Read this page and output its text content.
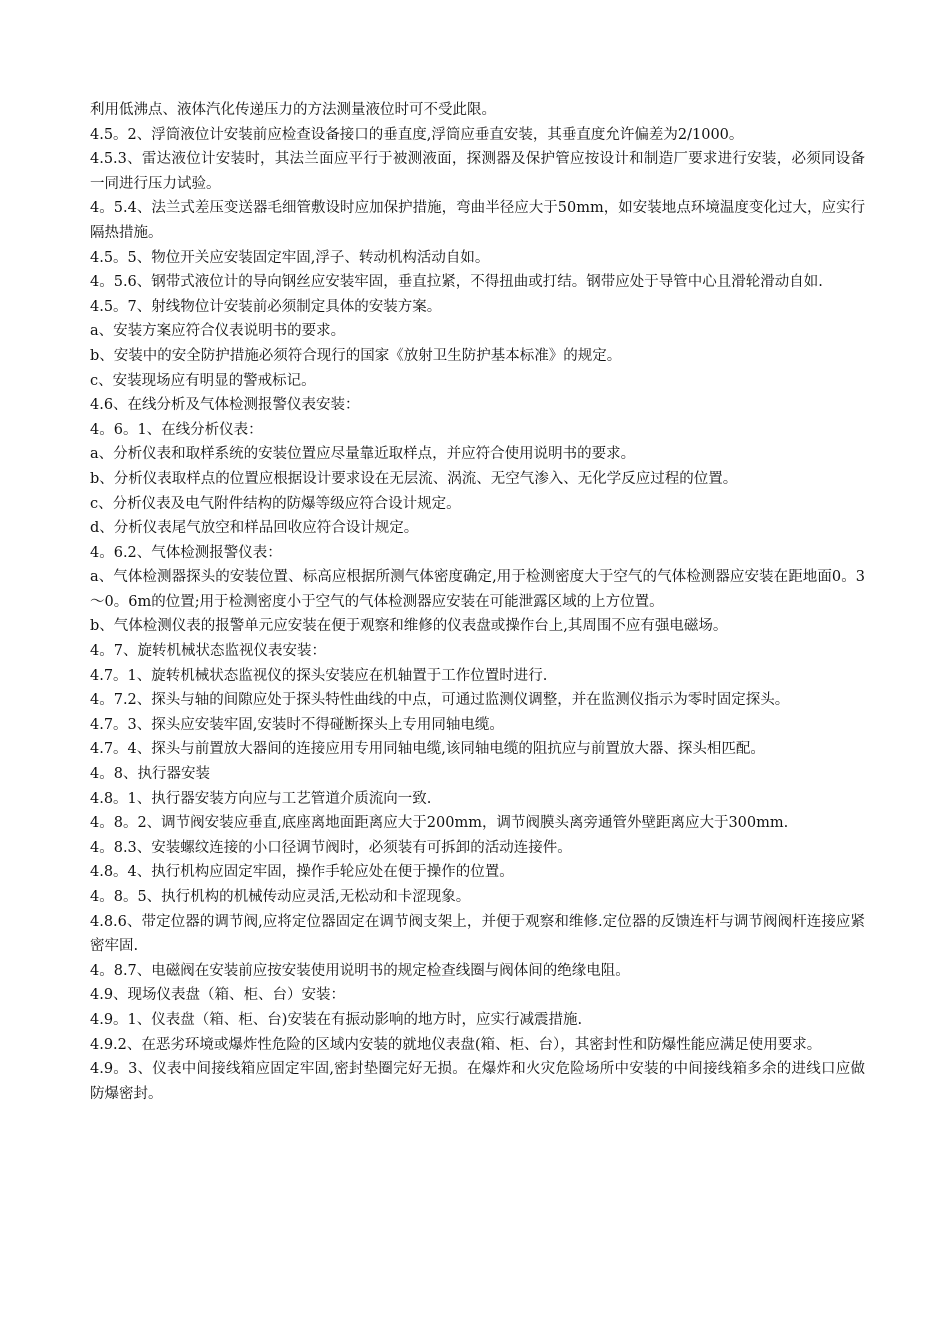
利用低沸点、液体汽化传递压力的方法测量液位时可不受此限。

4.5。2、浮筒液位计安装前应检查设备接口的垂直度,浮筒应垂直安装，其垂直度允许偏差为2/1000。

4.5.3、雷达液位计安装时，其法兰面应平行于被测液面，探测器及保护管应按设计和制造厂要求进行安装，必须同设备一同进行压力试验。

4。5.4、法兰式差压变送器毛细管敷设时应加保护措施，弯曲半径应大于50mm，如安装地点环境温度变化过大，应实行隔热措施。

4.5。5、物位开关应安装固定牢固,浮子、转动机构活动自如。

4。5.6、钢带式液位计的导向钢丝应安装牢固，垂直拉紧，不得扭曲或打结。钢带应处于导管中心且滑轮滑动自如.

4.5。7、射线物位计安装前必须制定具体的安装方案。

a、安装方案应符合仪表说明书的要求。

b、安装中的安全防护措施必须符合现行的国家《放射卫生防护基本标准》的规定。

c、安装现场应有明显的警戒标记。

4.6、在线分析及气体检测报警仪表安装：

4。6。1、在线分析仪表：

a、分析仪表和取样系统的安装位置应尽量靠近取样点，并应符合使用说明书的要求。

b、分析仪表取样点的位置应根据设计要求设在无层流、涡流、无空气渗入、无化学反应过程的位置。

c、分析仪表及电气附件结构的防爆等级应符合设计规定。

d、分析仪表尾气放空和样品回收应符合设计规定。

4。6.2、气体检测报警仪表：

a、气体检测器探头的安装位置、标高应根据所测气体密度确定,用于检测密度大于空气的气体检测器应安装在距地面0。3～0。6m的位置;用于检测密度小于空气的气体检测器应安装在可能泄露区域的上方位置。

b、气体检测仪表的报警单元应安装在便于观察和维修的仪表盘或操作台上,其周围不应有强电磁场。

4。7、旋转机械状态监视仪表安装：

4.7。1、旋转机械状态监视仪的探头安装应在机轴置于工作位置时进行.

4。7.2、探头与轴的间隙应处于探头特性曲线的中点，可通过监测仪调整，并在监测仪指示为零时固定探头。

4.7。3、探头应安装牢固,安装时不得碰断探头上专用同轴电缆。

4.7。4、探头与前置放大器间的连接应用专用同轴电缆,该同轴电缆的阻抗应与前置放大器、探头相匹配。

4。8、执行器安装

4.8。1、执行器安装方向应与工艺管道介质流向一致.

4。8。2、调节阀安装应垂直,底座离地面距离应大于200mm，调节阀膜头离旁通管外壁距离应大于300mm.

4。8.3、安装螺纹连接的小口径调节阀时，必须装有可拆卸的活动连接件。

4.8。4、执行机构应固定牢固，操作手轮应处在便于操作的位置。

4。8。5、执行机构的机械传动应灵活,无松动和卡涩现象。

4.8.6、带定位器的调节阀,应将定位器固定在调节阀支架上，并便于观察和维修.定位器的反馈连杆与调节阀阀杆连接应紧密牢固.

4。8.7、电磁阀在安装前应按安装使用说明书的规定检查线圈与阀体间的绝缘电阻。

4.9、现场仪表盘（箱、柜、台）安装：

4.9。1、仪表盘（箱、柜、台)安装在有振动影响的地方时，应实行减震措施.

4.9.2、在恶劣环境或爆炸性危险的区域内安装的就地仪表盘(箱、柜、台），其密封性和防爆性能应满足使用要求。

4.9。3、仪表中间接线箱应固定牢固,密封垫圈完好无损。在爆炸和火灾危险场所中安装的中间接线箱多余的进线口应做防爆密封。
